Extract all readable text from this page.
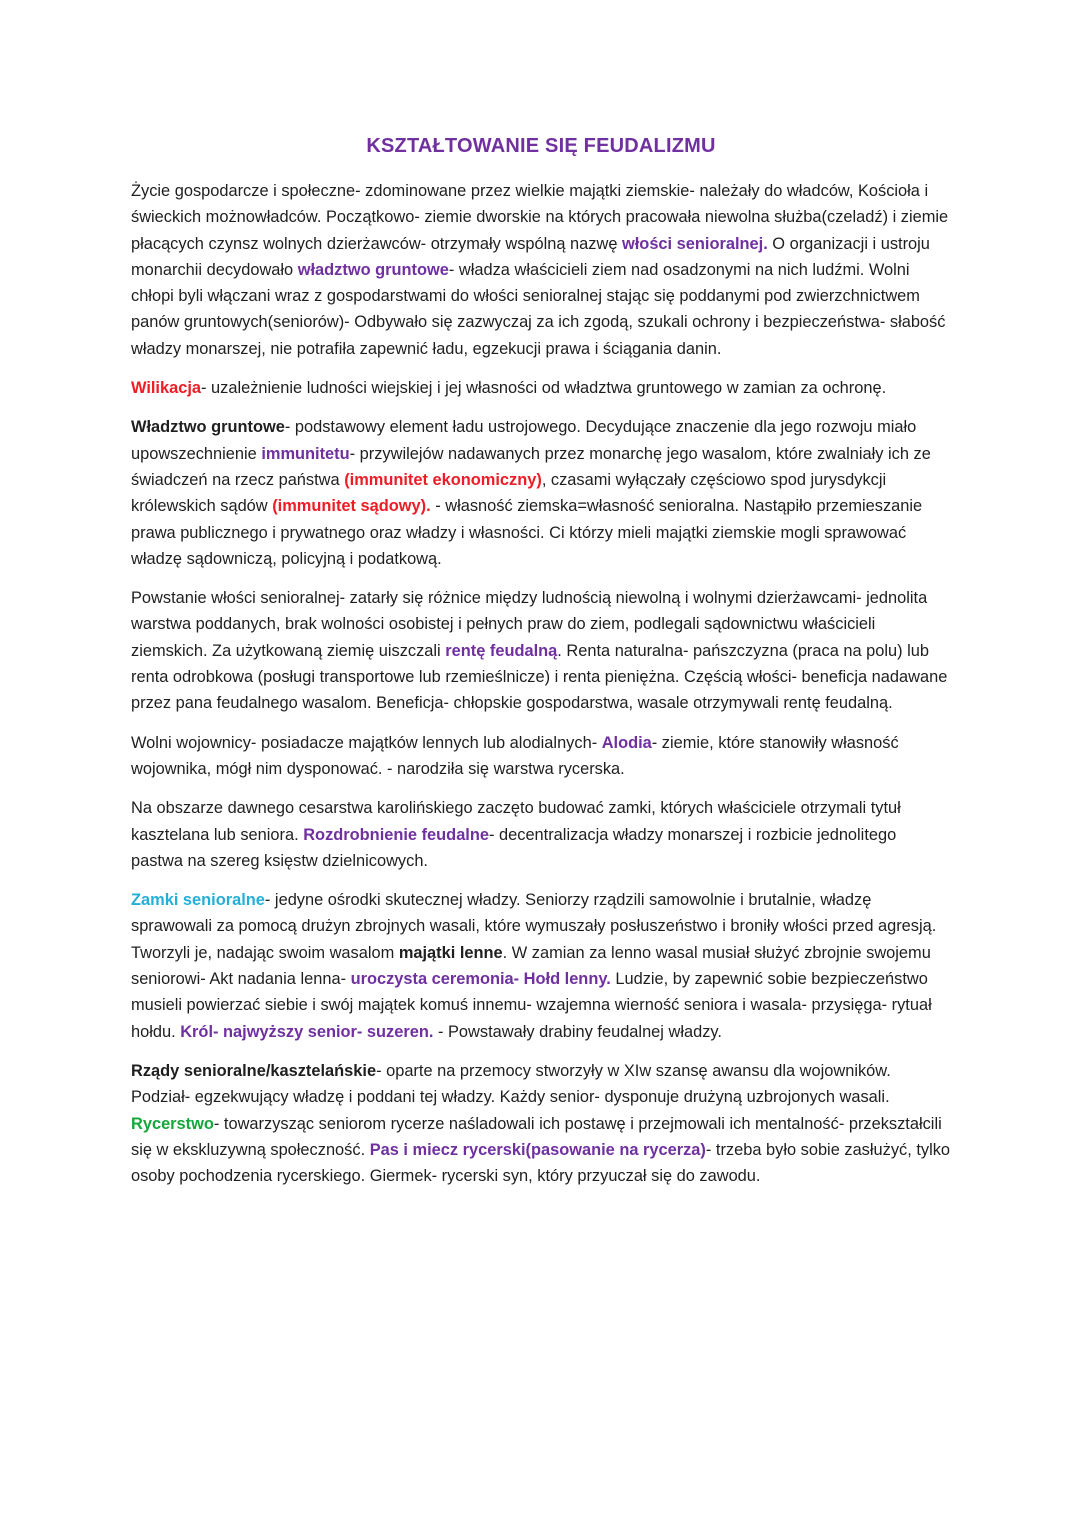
KSZTAŁTOWANIE SIĘ FEUDALIZMU

Życie gospodarcze i społeczne- zdominowane przez wielkie majątki ziemskie- należały do władców, Kościoła i świeckich możnowładców. Początkowo- ziemie dworskie na których pracowała niewolna służba(czeladź) i ziemie płacących czynsz wolnych dzierżawców- otrzymały wspólną nazwę włości senioralnej. O organizacji i ustroju monarchii decydowało władztwo gruntowe- władza właścicieli ziem nad osadzonymi na nich ludźmi. Wolni chłopi byli włączani wraz z gospodarstwami do włości senioralnej stając się poddanymi pod zwierzchnictwem panów gruntowych(seniorów)- Odbywało się zazwyczaj za ich zgodą, szukali ochrony i bezpieczeństwa- słabość władzy monarszej, nie potrafiła zapewnić ładu, egzekucji prawa i ściągania danin.

Wilikacja- uzależnienie ludności wiejskiej i jej własności od władztwa gruntowego w zamian za ochronę.

Władztwo gruntowe- podstawowy element ładu ustrojowego. Decydujące znaczenie dla jego rozwoju miało upowszechnienie immunitetu- przywilejów nadawanych przez monarchę jego wasalom, które zwalniały ich ze świadczeń na rzecz państwa (immunitet ekonomiczny), czasami wyłączały częściowo spod jurysdykcji królewskich sądów (immunitet sądowy). - własność ziemska=własność senioralna. Nastąpiło przemieszanie prawa publicznego i prywatnego oraz władzy i własności. Ci którzy mieli majątki ziemskie mogli sprawować władzę sądowniczą, policyjną i podatkową.

Powstanie włości senioralnej- zatarły się różnice między ludnością niewolną i wolnymi dzierżawcami- jednolita warstwa poddanych, brak wolności osobistej i pełnych praw do ziem, podlegali sądownictwu właścicieli ziemskich. Za użytkowaną ziemię uiszczali rentę feudalną. Renta naturalna- pańszczyzna (praca na polu) lub renta odrobkowa (posługi transportowe lub rzemieślnicze) i renta pieniężna. Częścią włości- beneficja nadawane przez pana feudalnego wasalom. Beneficja- chłopskie gospodarstwa, wasale otrzymywali rentę feudalną.

Wolni wojownicy- posiadacze majątków lennych lub alodialnych- Alodia- ziemie, które stanowiły własność wojownika, mógł nim dysponować. - narodziła się warstwa rycerska.

Na obszarze dawnego cesarstwa karolińskiego zaczęto budować zamki, których właściciele otrzymali tytuł kasztelana lub seniora. Rozdrobnienie feudalne- decentralizacja władzy monarszej i rozbicie jednolitego pastwa na szereg księstw dzielnicowych.

Zamki senioralne- jedyne ośrodki skutecznej władzy. Seniorzy rządzili samowolnie i brutalnie, władzę sprawowali za pomocą drużyn zbrojnych wasali, które wymuszały posłuszeństwo i broniły włości przed agresją. Tworzyli je, nadając swoim wasalom majątki lenne. W zamian za lenno wasal musiał służyć zbrojnie swojemu seniorowi- Akt nadania lenna- uroczysta ceremonia- Hołd lenny. Ludzie, by zapewnić sobie bezpieczeństwo musieli powierzać siebie i swój majątek komuś innemu- wzajemna wierność seniora i wasala- przysięga- rytuał hołdu. Król- najwyższy senior- suzeren. - Powstawały drabiny feudalnej władzy.

Rządy senioralne/kasztelańskie- oparte na przemocy stworzyły w XIw szansę awansu dla wojowników. Podział- egzekwujący władzę i poddani tej władzy. Każdy senior- dysponuje drużyną uzbrojonych wasali. Rycerstwo- towarzysząc seniorom rycerze naśladowali ich postawę i przejmowali ich mentalność- przekształcili się w ekskluzywną społeczność. Pas i miecz rycerski(pasowanie na rycerza)- trzeba było sobie zasłużyć, tylko osoby pochodzenia rycerskiego. Giermek- rycerski syn, który przyuczał się do zawodu.
